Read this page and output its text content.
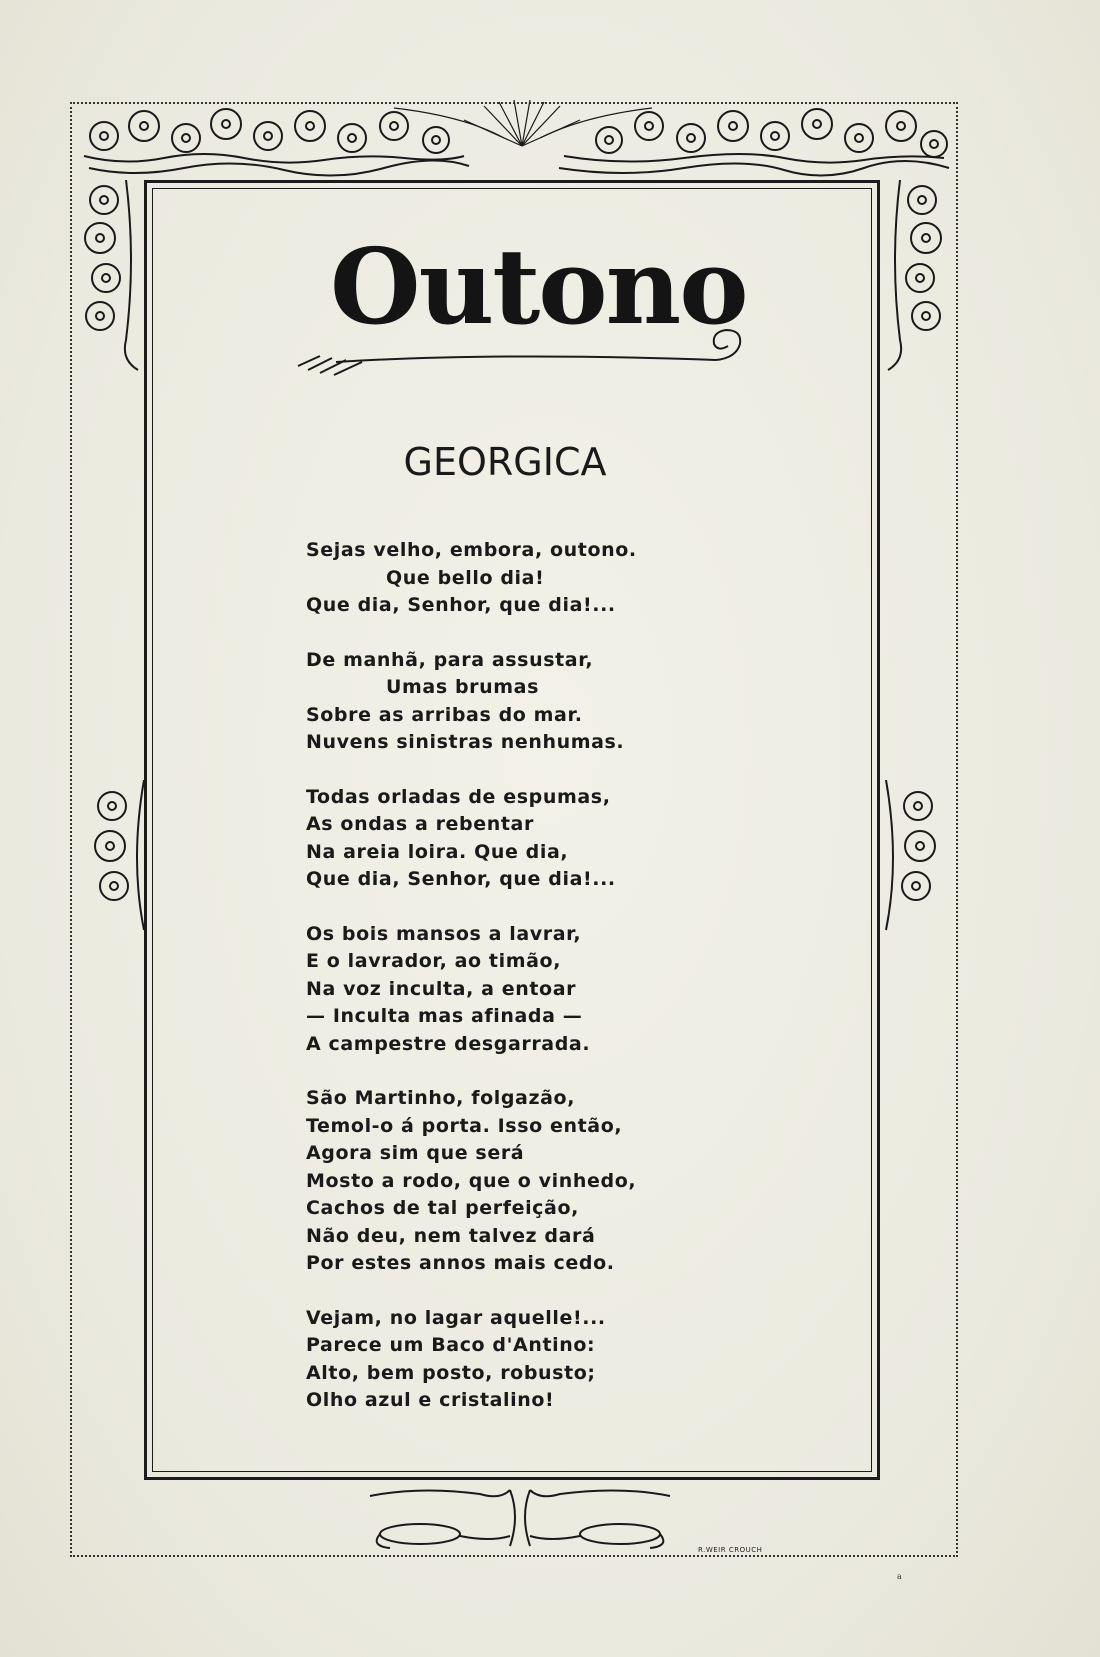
Outono
GEORGICA
Sejas velho, embora, outono.
Que bello dia!
Que dia, Senhor, que dia!...
De manhã, para assustar,
Umas brumas
Sobre as arribas do mar.
Nuvens sinistras nenhumas.
Todas orladas de espumas,
As ondas a rebentar
Na areia loira. Que dia,
Que dia, Senhor, que dia!...
Os bois mansos a lavrar,
E o lavrador, ao timão,
Na voz inculta, a entoar
— Inculta mas afinada —
A campestre desgarrada.
São Martinho, folgazão,
Temol-o á porta. Isso então,
Agora sim que será
Mosto a rodo, que o vinhedo,
Cachos de tal perfeição,
Não deu, nem talvez dará
Por estes annos mais cedo.
Vejam, no lagar aquelle!...
Parece um Baco d'Antino:
Alto, bem posto, robusto;
Olho azul e cristalino!
R.WEIR CROUCH
a
